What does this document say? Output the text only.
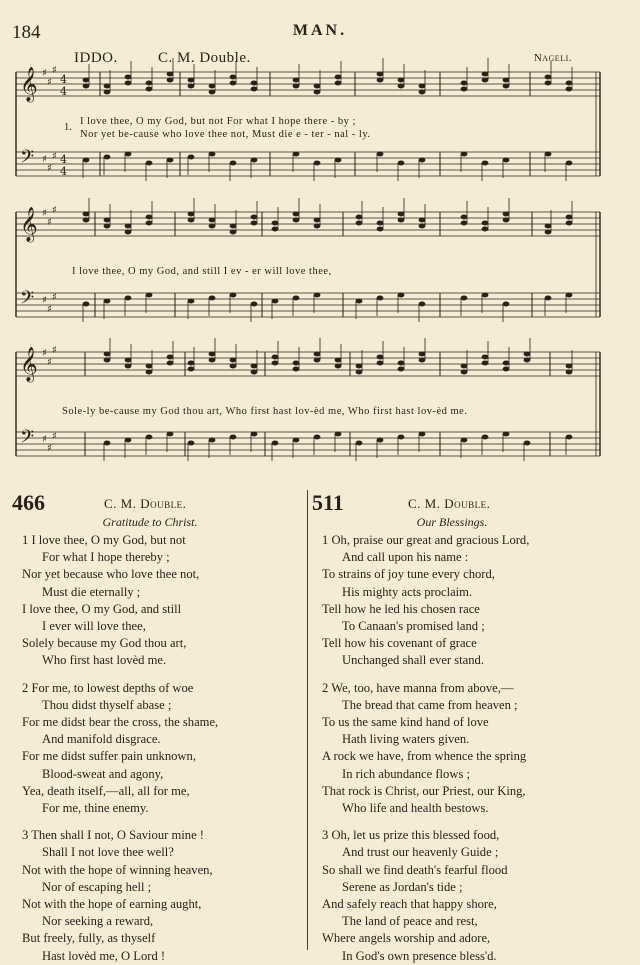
184	MAN.
IDDO.	C. M. Double.	Nageli.
𝄞 ♯
♯
♯
4
4
𝄢 ♯
♯
♯ 4
4
𝄞 ♯
♯
♯
𝄢 ♯
♯
♯
𝄞 ♯
♯
♯
𝄢 ♯
♯
♯
1.
I love thee, O my God, but not For what I hope there - by ;
Nor yet be-cause who love thee not, Must die e - ter - nal - ly.
I love thee, O my God, and still I ev - er will love thee,
Sole-ly be-cause my God thou art, Who first hast lov-èd me, Who first hast lov-èd me.
466	C. M. Double.
Gratitude to Christ.
511	C. M. Double.
Our Blessings.
1 I love thee, O my God, but not
For what I hope thereby ;
Nor yet because who love thee not,
Must die eternally ;
I love thee, O my God, and still
I ever will love thee,
Solely because my God thou art,
Who first hast lovèd me.
2 For me, to lowest depths of woe
Thou didst thyself abase ;
For me didst bear the cross, the shame,
And manifold disgrace.
For me didst suffer pain unknown,
Blood-sweat and agony,
Yea, death itself,—all, all for me,
For me, thine enemy.
3 Then shall I not, O Saviour mine !
Shall I not love thee well?
Not with the hope of winning heaven,
Nor of escaping hell ;
Not with the hope of earning aught,
Nor seeking a reward,
But freely, fully, as thyself
Hast lovèd me, O Lord !
1 Oh, praise our great and gracious Lord,
And call upon his name :
To strains of joy tune every chord,
His mighty acts proclaim.
Tell how he led his chosen race
To Canaan's promised land ;
Tell how his covenant of grace
Unchanged shall ever stand.
2 We, too, have manna from above,—
The bread that came from heaven ;
To us the same kind hand of love
Hath living waters given.
A rock we have, from whence the spring
In rich abundance flows ;
That rock is Christ, our Priest, our King,
Who life and health bestows.
3 Oh, let us prize this blessed food,
And trust our heavenly Guide ;
So shall we find death's fearful flood
Serene as Jordan's tide ;
And safely reach that happy shore,
The land of peace and rest,
Where angels worship and adore,
In God's own presence bless'd.
